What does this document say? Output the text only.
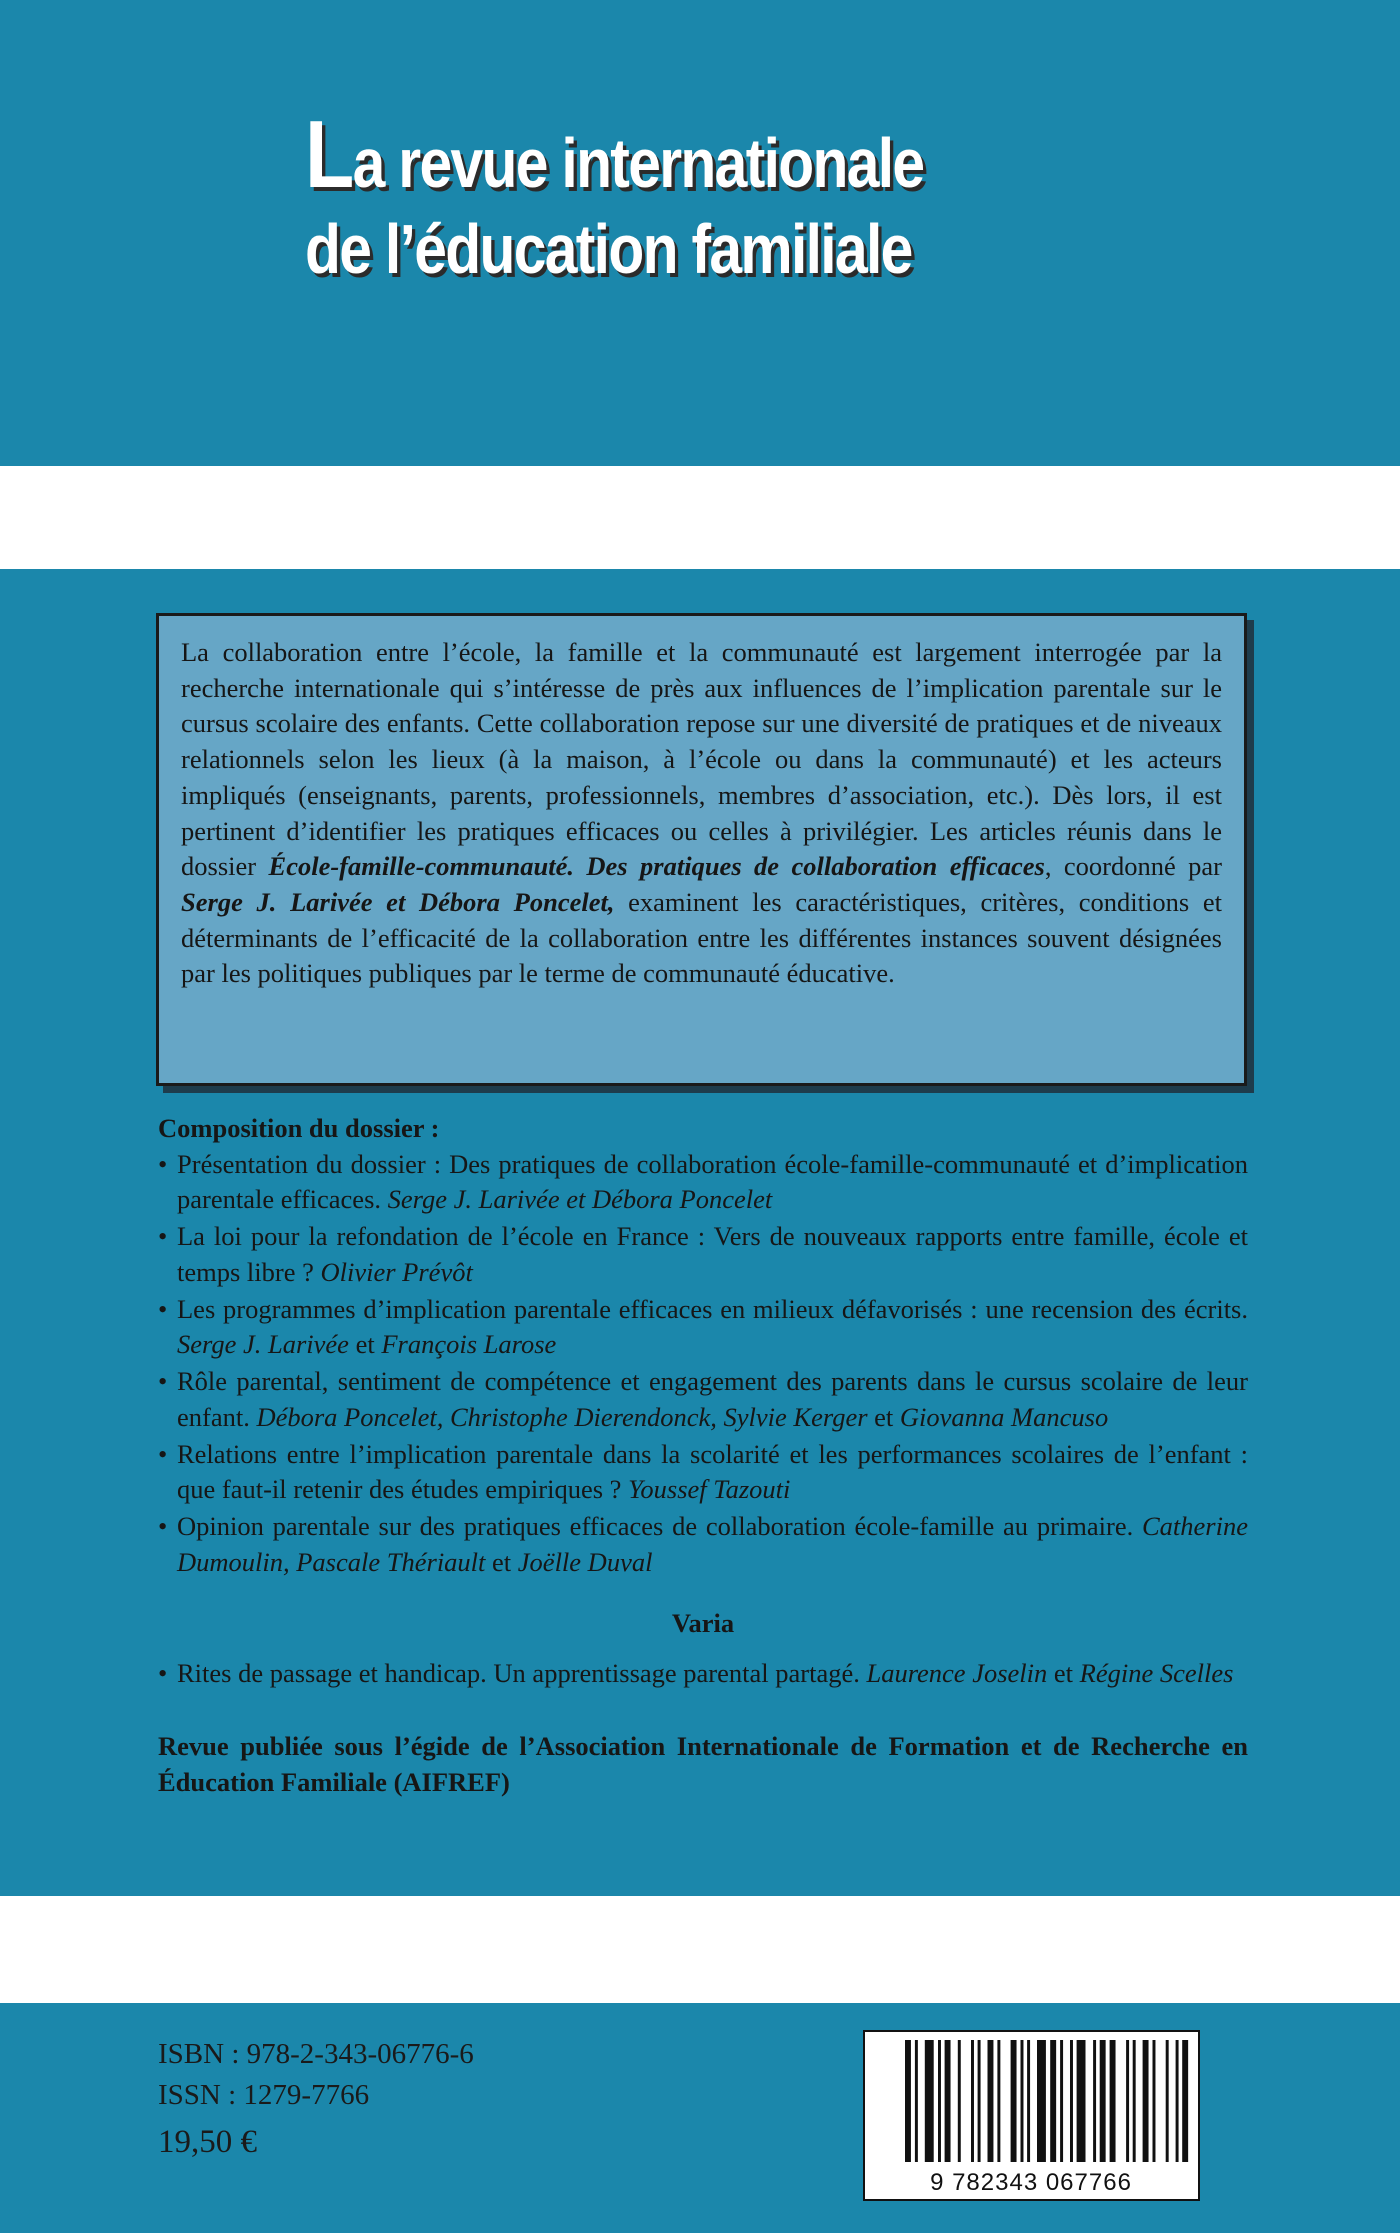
La revue internationale
de l’éducation familiale

La collaboration entre l’école, la famille et la communauté est largement interrogée par la recherche internationale qui s’intéresse de près aux influences de l’implication parentale sur le cursus scolaire des enfants. Cette collaboration repose sur une diversité de pratiques et de niveaux relationnels selon les lieux (à la maison, à l’école ou dans la communauté) et les acteurs impliqués (enseignants, parents, professionnels, membres d’association, etc.). Dès lors, il est pertinent d’identifier les pratiques efficaces ou celles à privilégier. Les articles réunis dans le dossier École-famille-communauté. Des pratiques de collaboration efficaces, coordonné par Serge J. Larivée et Débora Poncelet, examinent les caractéristiques, critères, conditions et déterminants de l’efficacité de la collaboration entre les différentes instances souvent désignées par les politiques publiques par le terme de communauté éducative.

Composition du dossier :

• Présentation du dossier : Des pratiques de collaboration école-famille-communauté et d’implication parentale efficaces. Serge J. Larivée et Débora Poncelet
• La loi pour la refondation de l’école en France : Vers de nouveaux rapports entre famille, école et temps libre ? Olivier Prévôt
• Les programmes d’implication parentale efficaces en milieux défavorisés : une recension des écrits. Serge J. Larivée et François Larose
• Rôle parental, sentiment de compétence et engagement des parents dans le cursus scolaire de leur enfant. Débora Poncelet, Christophe Dierendonck, Sylvie Kerger et Giovanna Mancuso
• Relations entre l’implication parentale dans la scolarité et les performances scolaires de l’enfant : que faut-il retenir des études empiriques ? Youssef Tazouti
• Opinion parentale sur des pratiques efficaces de collaboration école-famille au primaire. Catherine Dumoulin, Pascale Thériault et Joëlle Duval

Varia

• Rites de passage et handicap. Un apprentissage parental partagé. Laurence Joselin et Régine Scelles

Revue publiée sous l’égide de l’Association Internationale de Formation et de Recherche en Éducation Familiale (AIFREF)

ISBN : 978-2-343-06776-6
ISSN : 1279-7766
19,50 €
9 782343 067766
